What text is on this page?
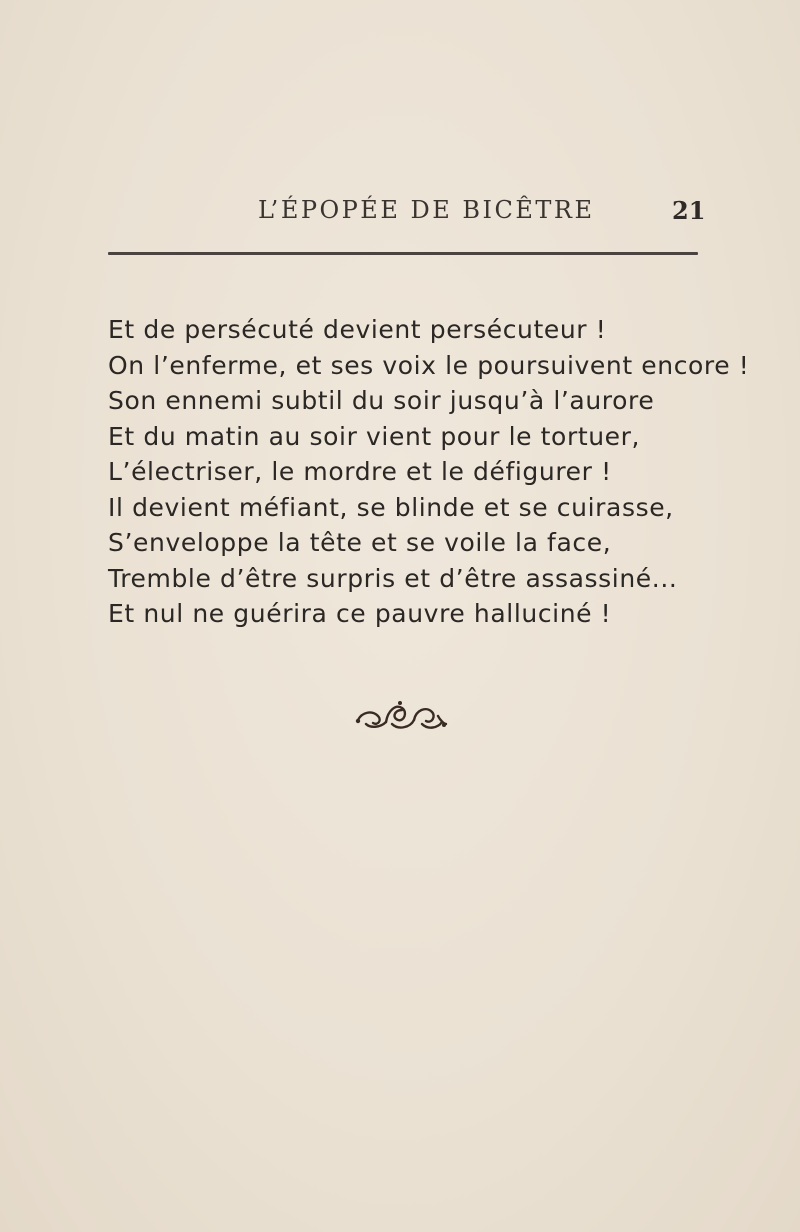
L’ÉPOPÉE DE BICÊTRE	21
Et de persécuté devient persécuteur !
On l’enferme, et ses voix le poursuivent encore !
Son ennemi subtil du soir jusqu’à l’aurore
Et du matin au soir vient pour le tortuer,
L’électriser, le mordre et le défigurer !
Il devient méfiant, se blinde et se cuirasse,
S’enveloppe la tête et se voile la face,
Tremble d’être surpris et d’être assassiné...
Et nul ne guérira ce pauvre halluciné !
